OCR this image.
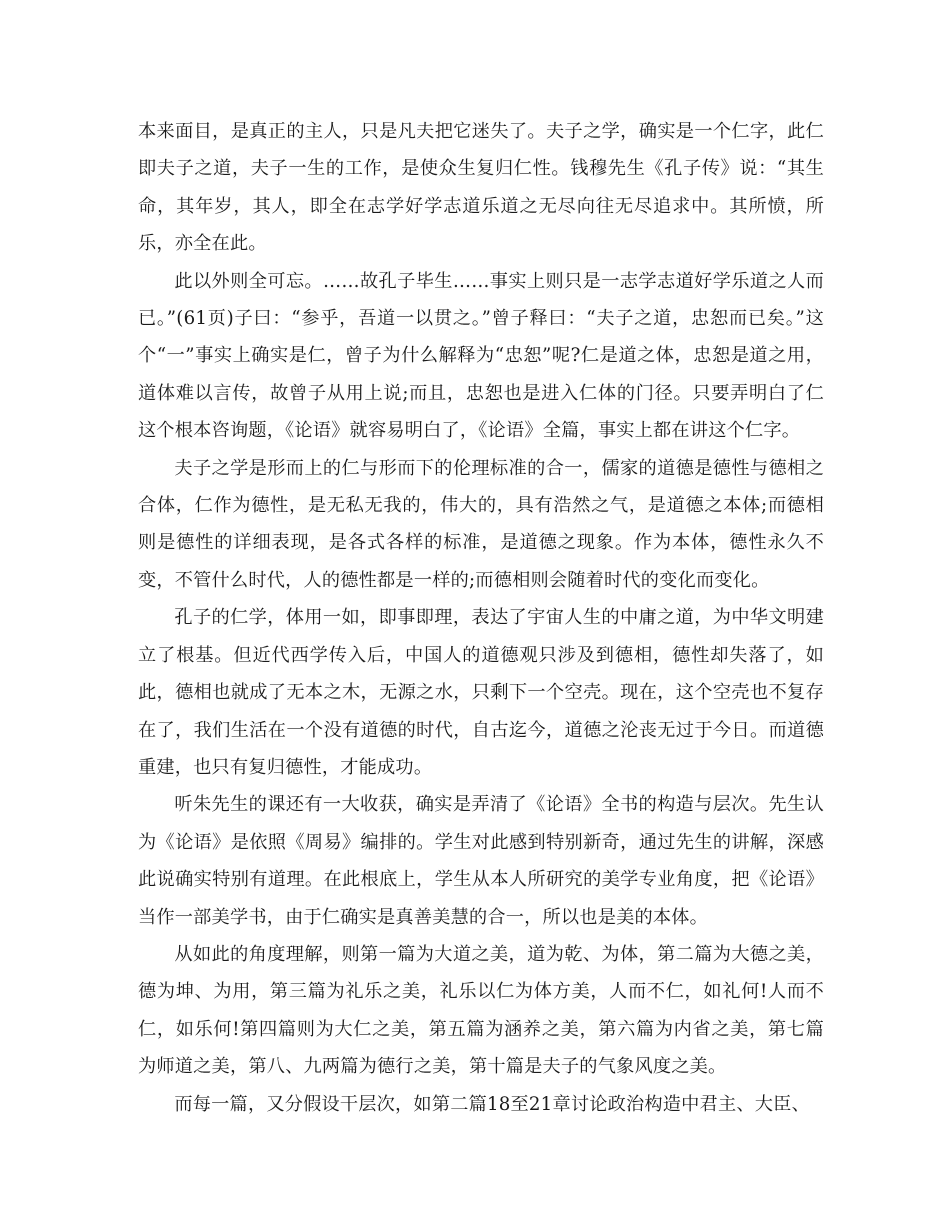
本来面目，是真正的主人，只是凡夫把它迷失了。夫子之学，确实是一个仁字，此仁即夫子之道，夫子一生的工作，是使众生复归仁性。钱穆先生《孔子传》说：“其生命，其年岁，其人，即全在志学好学志道乐道之无尽向往无尽追求中。其所愤，所乐，亦全在此。

此以外则全可忘。……故孔子毕生……事实上则只是一志学志道好学乐道之人而已。”(61页)子曰：“参乎，吾道一以贯之。”曾子释曰：“夫子之道，忠恕而已矣。”这个“一”事实上确实是仁，曾子为什么解释为“忠恕”呢?仁是道之体，忠恕是道之用，道体难以言传，故曾子从用上说;而且，忠恕也是进入仁体的门径。只要弄明白了仁这个根本咨询题，《论语》就容易明白了，《论语》全篇，事实上都在讲这个仁字。

夫子之学是形而上的仁与形而下的伦理标准的合一，儒家的道德是德性与德相之合体，仁作为德性，是无私无我的，伟大的，具有浩然之气，是道德之本体;而德相则是德性的详细表现，是各式各样的标准，是道德之现象。作为本体，德性永久不变，不管什么时代，人的德性都是一样的;而德相则会随着时代的变化而变化。

孔子的仁学，体用一如，即事即理，表达了宇宙人生的中庸之道，为中华文明建立了根基。但近代西学传入后，中国人的道德观只涉及到德相，德性却失落了，如此，德相也就成了无本之木，无源之水，只剩下一个空壳。现在，这个空壳也不复存在了，我们生活在一个没有道德的时代，自古迄今，道德之沦丧无过于今日。而道德重建，也只有复归德性，才能成功。

听朱先生的课还有一大收获，确实是弄清了《论语》全书的构造与层次。先生认为《论语》是依照《周易》编排的。学生对此感到特别新奇，通过先生的讲解，深感此说确实特别有道理。在此根底上，学生从本人所研究的美学专业角度，把《论语》当作一部美学书，由于仁确实是真善美慧的合一，所以也是美的本体。

从如此的角度理解，则第一篇为大道之美，道为乾、为体，第二篇为大德之美，德为坤、为用，第三篇为礼乐之美，礼乐以仁为体方美，人而不仁，如礼何!人而不仁，如乐何!第四篇则为大仁之美，第五篇为涵养之美，第六篇为内省之美，第七篇为师道之美，第八、九两篇为德行之美，第十篇是夫子的气象风度之美。

而每一篇，又分假设干层次，如第二篇18至21章讨论政治构造中君主、大臣、
